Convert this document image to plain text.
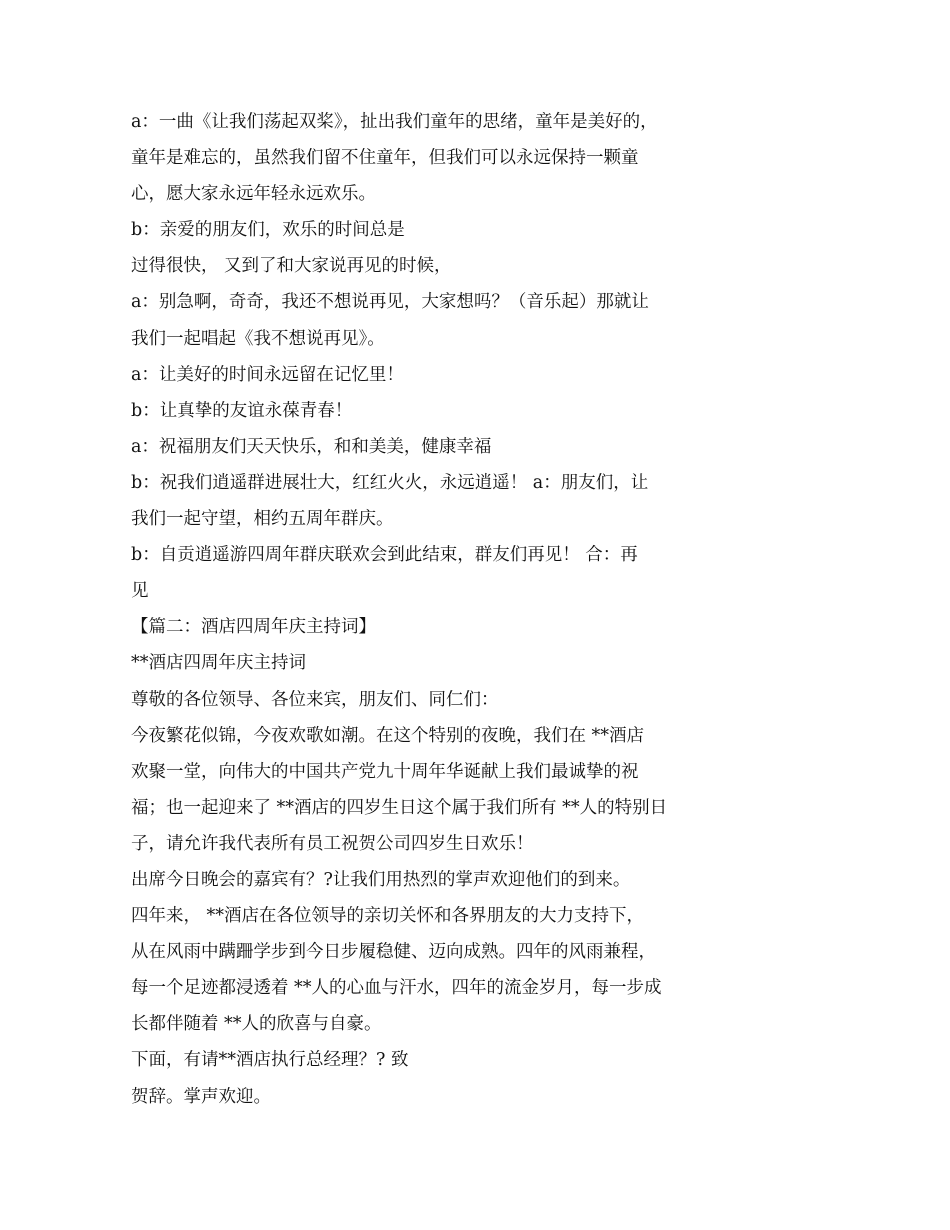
a：一曲《让我们荡起双桨》，扯出我们童年的思绪，童年是美好的，
童年是难忘的，虽然我们留不住童年，但我们可以永远保持一颗童
心，愿大家永远年轻永远欢乐。
b：亲爱的朋友们，欢乐的时间总是
过得很快， 又到了和大家说再见的时候，
a：别急啊，奇奇，我还不想说再见，大家想吗？（音乐起）那就让
我们一起唱起《我不想说再见》。
a：让美好的时间永远留在记忆里！
b：让真挚的友谊永葆青春！
a：祝福朋友们天天快乐，和和美美，健康幸福
b：祝我们逍遥群进展壮大，红红火火，永远逍遥！ a：朋友们，让
我们一起守望，相约五周年群庆。
b：自贡逍遥游四周年群庆联欢会到此结束，群友们再见！ 合：再
见
【篇二：酒店四周年庆主持词】
**酒店四周年庆主持词
尊敬的各位领导、各位来宾，朋友们、同仁们：
今夜繁花似锦，今夜欢歌如潮。在这个特别的夜晚，我们在 **酒店
欢聚一堂，向伟大的中国共产党九十周年华诞献上我们最诚挚的祝
福；也一起迎来了 **酒店的四岁生日这个属于我们所有 **人的特别日
子，请允许我代表所有员工祝贺公司四岁生日欢乐！
出席今日晚会的嘉宾有？?让我们用热烈的掌声欢迎他们的到来。
四年来， **酒店在各位领导的亲切关怀和各界朋友的大力支持下，
从在风雨中蹒跚学步到今日步履稳健、迈向成熟。四年的风雨兼程，
每一个足迹都浸透着 **人的心血与汗水，四年的流金岁月，每一步成
长都伴随着 **人的欣喜与自豪。
下面，有请**酒店执行总经理？? 致
贺辞。掌声欢迎。
